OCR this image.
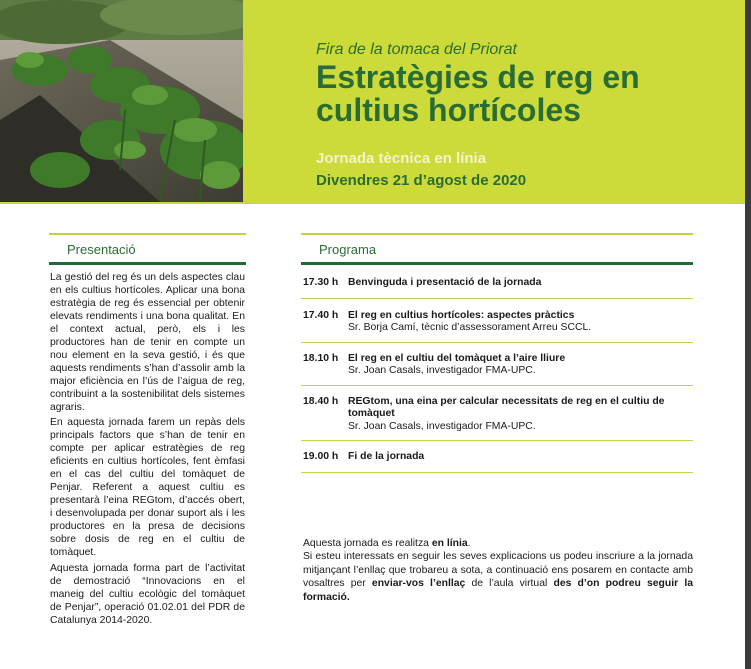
Fira de la tomaca del Priorat
Estratègies de reg en cultius hortícoles
Jornada tècnica en línia
Divendres 21 d’agost de 2020
Presentació

La gestió del reg és un dels aspectes clau en els cultius hortícoles. Aplicar una bona estratègia de reg és essencial per obtenir elevats rendiments i una bona qualitat. En el context actual, però, els i les productores han de tenir en compte un nou element en la seva gestió, i és que aquests rendiments s’han d’assolir amb la major eficiència en l’ús de l’aigua de reg, contribuint a la sostenibilitat dels sistemes agraris.

En aquesta jornada farem un repàs dels principals factors que s’han de tenir en compte per aplicar estratègies de reg eficients en cultius hortícoles, fent èmfasi en el cas del cultiu del tomàquet de Penjar. Referent a aquest cultiu es presentarà l’eina REGtom, d’accés obert, i desenvolupada per donar suport als i les productores en la presa de decisions sobre dosis de reg en el cultiu de tomàquet.

Aquesta jornada forma part de l’activitat de demostració “Innovacions en el maneig del cultiu ecològic del tomàquet de Penjar”, operació 01.02.01 del PDR de Catalunya 2014-2020.

Programa
17.30 h Benvinguda i presentació de la jornada
17.40 h El reg en cultius hortícoles: aspectes pràctics
Sr. Borja Camí, tècnic d’assessorament Arreu SCCL.
18.10 h El reg en el cultiu del tomàquet a l’aire lliure
Sr. Joan Casals, investigador FMA-UPC.
18.40 h REGtom, una eina per calcular necessitats de reg en el cultiu de tomàquet
Sr. Joan Casals, investigador FMA-UPC.
19.00 h Fi de la jornada

Aquesta jornada es realitza en línia.

Si esteu interessats en seguir les seves explicacions us podeu inscriure a la jornada mitjançant l’enllaç que trobareu a sota, a continuació ens posarem en contacte amb vosaltres per enviar-vos l’enllaç de l’aula virtual des d’on podreu seguir la formació.
